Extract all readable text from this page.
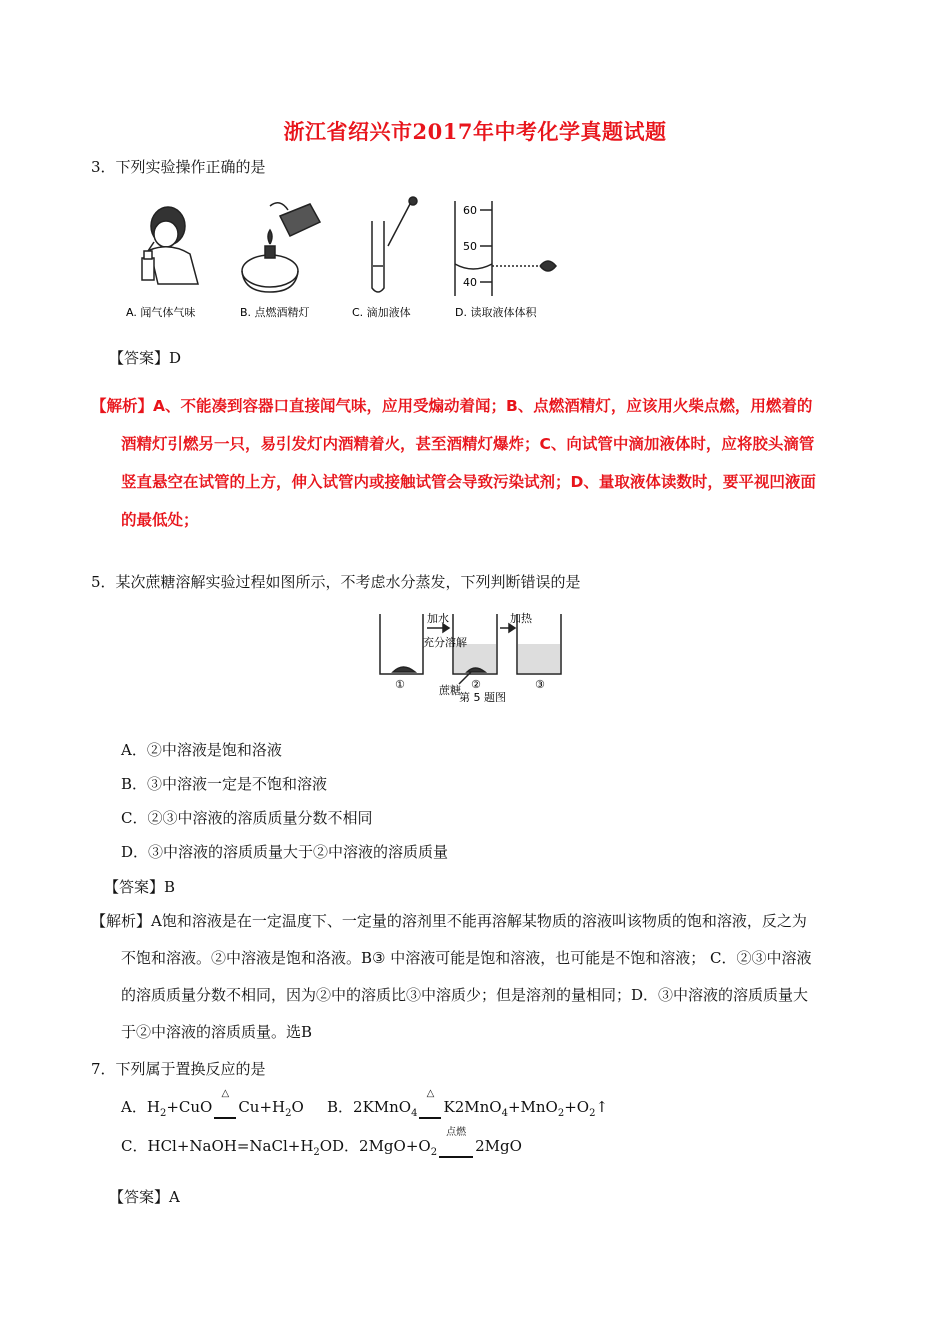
浙江省绍兴市2017年中考化学真题试题
3．下列实验操作正确的是
60
50
40
A. 闻气体气味	B. 点燃酒精灯	C. 滴加液体	D. 读取液体体积
【答案】D
【解析】A、不能凑到容器口直接闻气味，应用受煽动着闻；B、点燃酒精灯，应该用火柴点燃，用燃着的
酒精灯引燃另一只，易引发灯内酒精着火，甚至酒精灯爆炸；C、向试管中滴加液体时，应将胶头滴管
竖直悬空在试管的上方，伸入试管内或接触试管会导致污染试剂；D、量取液体读数时，要平视凹液面
的最低处；
5．某次蔗糖溶解实验过程如图所示，不考虑水分蒸发，下列判断错误的是
加水
充分溶解
加热
蔗糖
①	②	③
第 5 题图
A．②中溶液是饱和洛液
B．③中溶液一定是不饱和溶液
C．②③中溶液的溶质质量分数不相同
D．③中溶液的溶质质量大于②中溶液的溶质质量
【答案】B
【解析】A饱和溶液是在一定温度下、一定量的溶剂里不能再溶解某物质的溶液叫该物质的饱和溶液，反之为
不饱和溶液。②中溶液是饱和洛液。B③ 中溶液可能是饱和溶液，也可能是不饱和溶液； C．②③中溶液
的溶质质量分数不相同，因为②中的溶质比③中溶质少；但是溶剂的量相同；D．③中溶液的溶质质量大
于②中溶液的溶质质量。选B
7．下列属于置换反应的是
A．$H_2+CuO$
△
$Cu+H_2O$ B．2KMnO$_4$
△
$K2MnO_4+MnO_2+O_2↑$
C．$HCl+NaOH=NaCl+H_2O$ D．$2MgO+O_2$
点燃
2MgO
【答案】A
